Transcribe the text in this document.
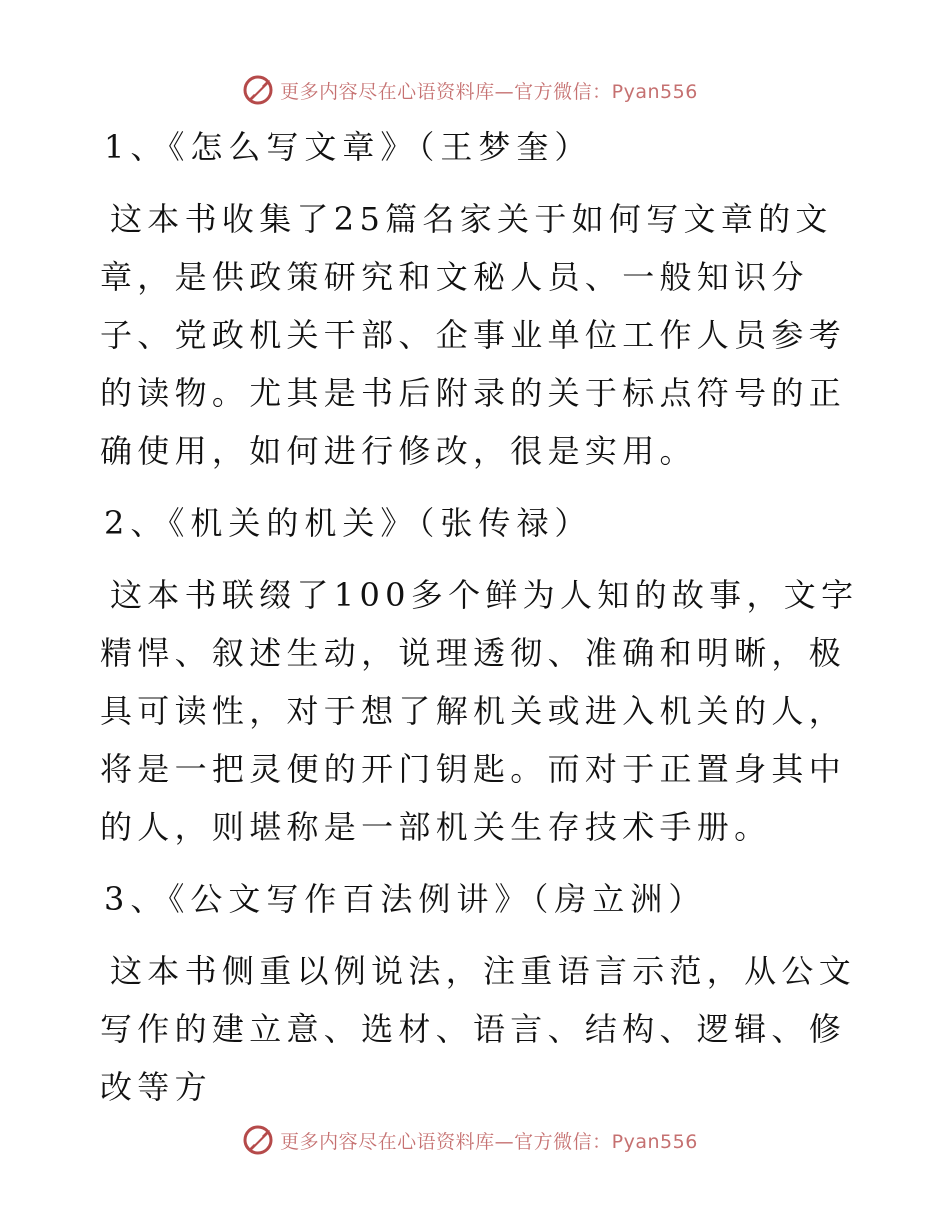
更多内容尽在心语资料库—官方微信：Pyan556
1、《怎么写文章》（王梦奎）
这本书收集了25篇名家关于如何写文章的文章，是供政策研究和文秘人员、一般知识分子、党政机关干部、企事业单位工作人员参考的读物。尤其是书后附录的关于标点符号的正确使用，如何进行修改，很是实用。
2、《机关的机关》（张传禄）
这本书联缀了100多个鲜为人知的故事，文字精悍、叙述生动，说理透彻、准确和明晰，极具可读性，对于想了解机关或进入机关的人，将是一把灵便的开门钥匙。而对于正置身其中的人，则堪称是一部机关生存技术手册。
3、《公文写作百法例讲》（房立洲）
这本书侧重以例说法，注重语言示范，从公文写作的建立意、选材、语言、结构、逻辑、修改等方
更多内容尽在心语资料库—官方微信：Pyan556
